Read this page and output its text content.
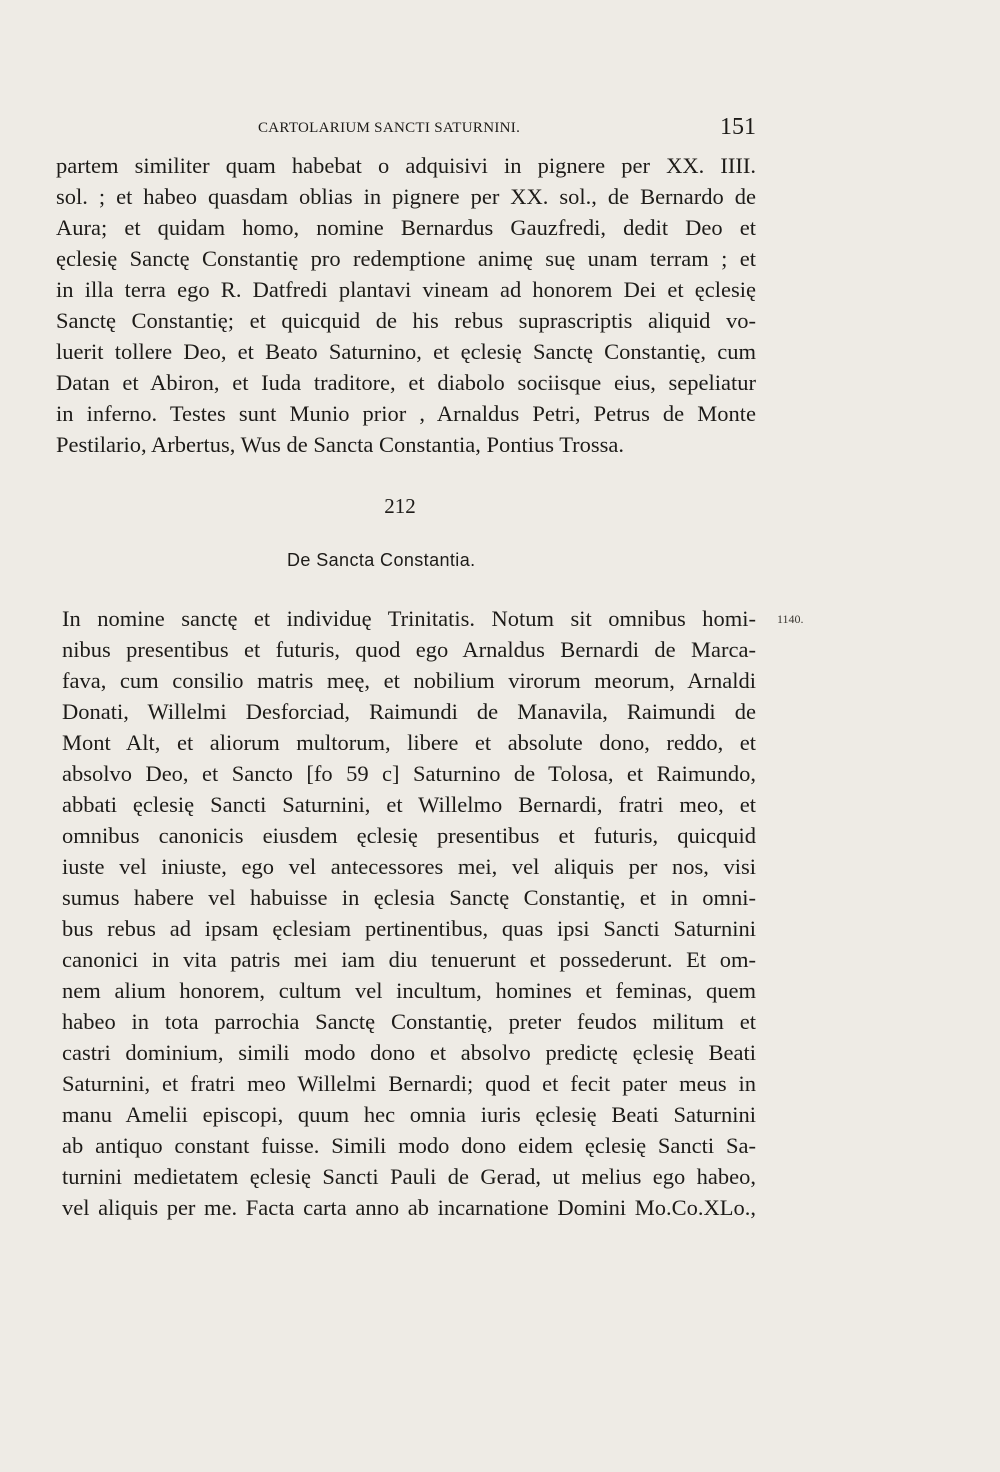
CARTOLARIUM SANCTI SATURNINI.	151
partem similiter quam habebat o adquisivi in pignere per XX. IIII.
sol. ; et habeo quasdam oblias in pignere per XX. sol., de Bernardo de
Aura; et quidam homo, nomine Bernardus Gauzfredi, dedit Deo et
ęclesię Sanctę Constantię pro redemptione animę suę unam terram ; et
in illa terra ego R. Datfredi plantavi vineam ad honorem Dei et ęclesię
Sanctę Constantię; et quicquid de his rebus suprascriptis aliquid vo-
luerit tollere Deo, et Beato Saturnino, et ęclesię Sanctę Constantię, cum
Datan et Abiron, et Iuda traditore, et diabolo sociisque eius, sepeliatur
in inferno. Testes sunt Munio prior , Arnaldus Petri, Petrus de Monte
Pestilario, Arbertus, Wus de Sancta Constantia, Pontius Trossa.
212
De Sancta Constantia.
1140.
In nomine sanctę et individuę Trinitatis. Notum sit omnibus homi-
nibus presentibus et futuris, quod ego Arnaldus Bernardi de Marca-
fava, cum consilio matris meę, et nobilium virorum meorum, Arnaldi
Donati, Willelmi Desforciad, Raimundi de Manavila, Raimundi de
Mont Alt, et aliorum multorum, libere et absolute dono, reddo, et
absolvo Deo, et Sancto [fo 59 c] Saturnino de Tolosa, et Raimundo,
abbati ęclesię Sancti Saturnini, et Willelmo Bernardi, fratri meo, et
omnibus canonicis eiusdem ęclesię presentibus et futuris, quicquid
iuste vel iniuste, ego vel antecessores mei, vel aliquis per nos, visi
sumus habere vel habuisse in ęclesia Sanctę Constantię, et in omni-
bus rebus ad ipsam ęclesiam pertinentibus, quas ipsi Sancti Saturnini
canonici in vita patris mei iam diu tenuerunt et possederunt. Et om-
nem alium honorem, cultum vel incultum, homines et feminas, quem
habeo in tota parrochia Sanctę Constantię, preter feudos militum et
castri dominium, simili modo dono et absolvo predictę ęclesię Beati
Saturnini, et fratri meo Willelmi Bernardi; quod et fecit pater meus in
manu Amelii episcopi, quum hec omnia iuris ęclesię Beati Saturnini
ab antiquo constant fuisse. Simili modo dono eidem ęclesię Sancti Sa-
turnini medietatem ęclesię Sancti Pauli de Gerad, ut melius ego habeo,
vel aliquis per me. Facta carta anno ab incarnatione Domini Mo.Co.XLo.,
